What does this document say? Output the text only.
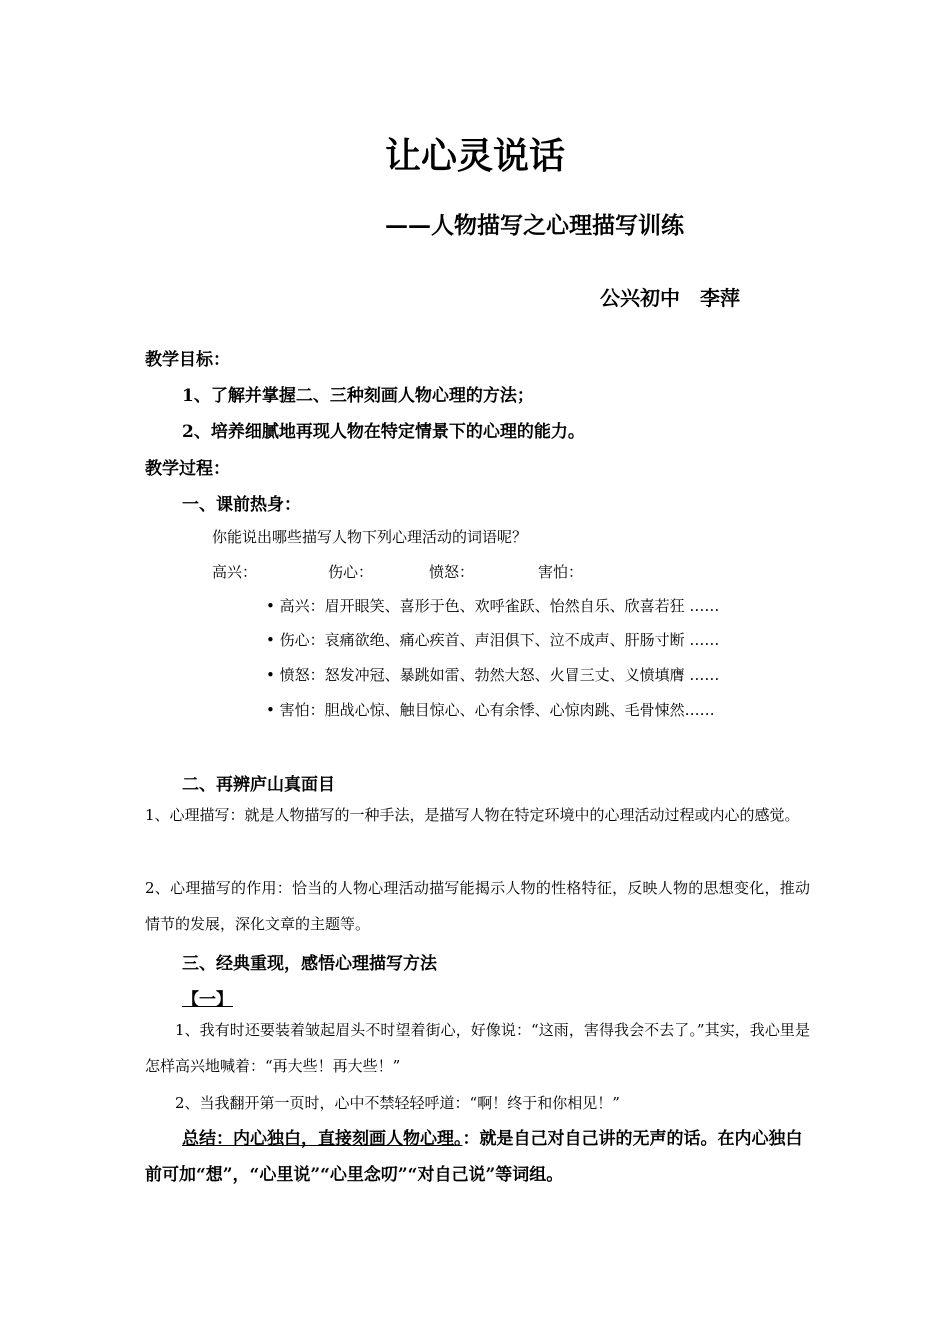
让心灵说话
——人物描写之心理描写训练
公兴初中　李萍
教学目标：
1、了解并掌握二、三种刻画人物心理的方法；
2、培养细腻地再现人物在特定情景下的心理的能力。
教学过程：
一、课前热身：
你能说出哪些描写人物下列心理活动的词语呢？
高兴：	伤心：	愤怒：	害怕：
• 高兴：眉开眼笑、喜形于色、欢呼雀跃、怡然自乐、欣喜若狂 ……
• 伤心：哀痛欲绝、痛心疾首、声泪俱下、泣不成声、肝肠寸断 ……
• 愤怒：怒发冲冠、暴跳如雷、勃然大怒、火冒三丈、义愤填膺 ……
• 害怕：胆战心惊、触目惊心、心有余悸、心惊肉跳、毛骨悚然……
二、再辨庐山真面目
1、心理描写：就是人物描写的一种手法，是描写人物在特定环境中的心理活动过程或内心的感觉。
2、心理描写的作用：恰当的人物心理活动描写能揭示人物的性格特征，反映人物的思想变化，推动情节的发展，深化文章的主题等。
三、经典重现，感悟心理描写方法
【一】
1、我有时还要装着皱起眉头不时望着街心，好像说：“这雨，害得我会不去了。”其实，我心里是怎样高兴地喊着：“再大些！再大些！”
2、当我翻开第一页时，心中不禁轻轻呼道：“啊！终于和你相见！”
总结：内心独白，直接刻画人物心理。：就是自己对自己讲的无声的话。在内心独白前可加“想”，“心里说”“心里念叨”“对自己说”等词组。
